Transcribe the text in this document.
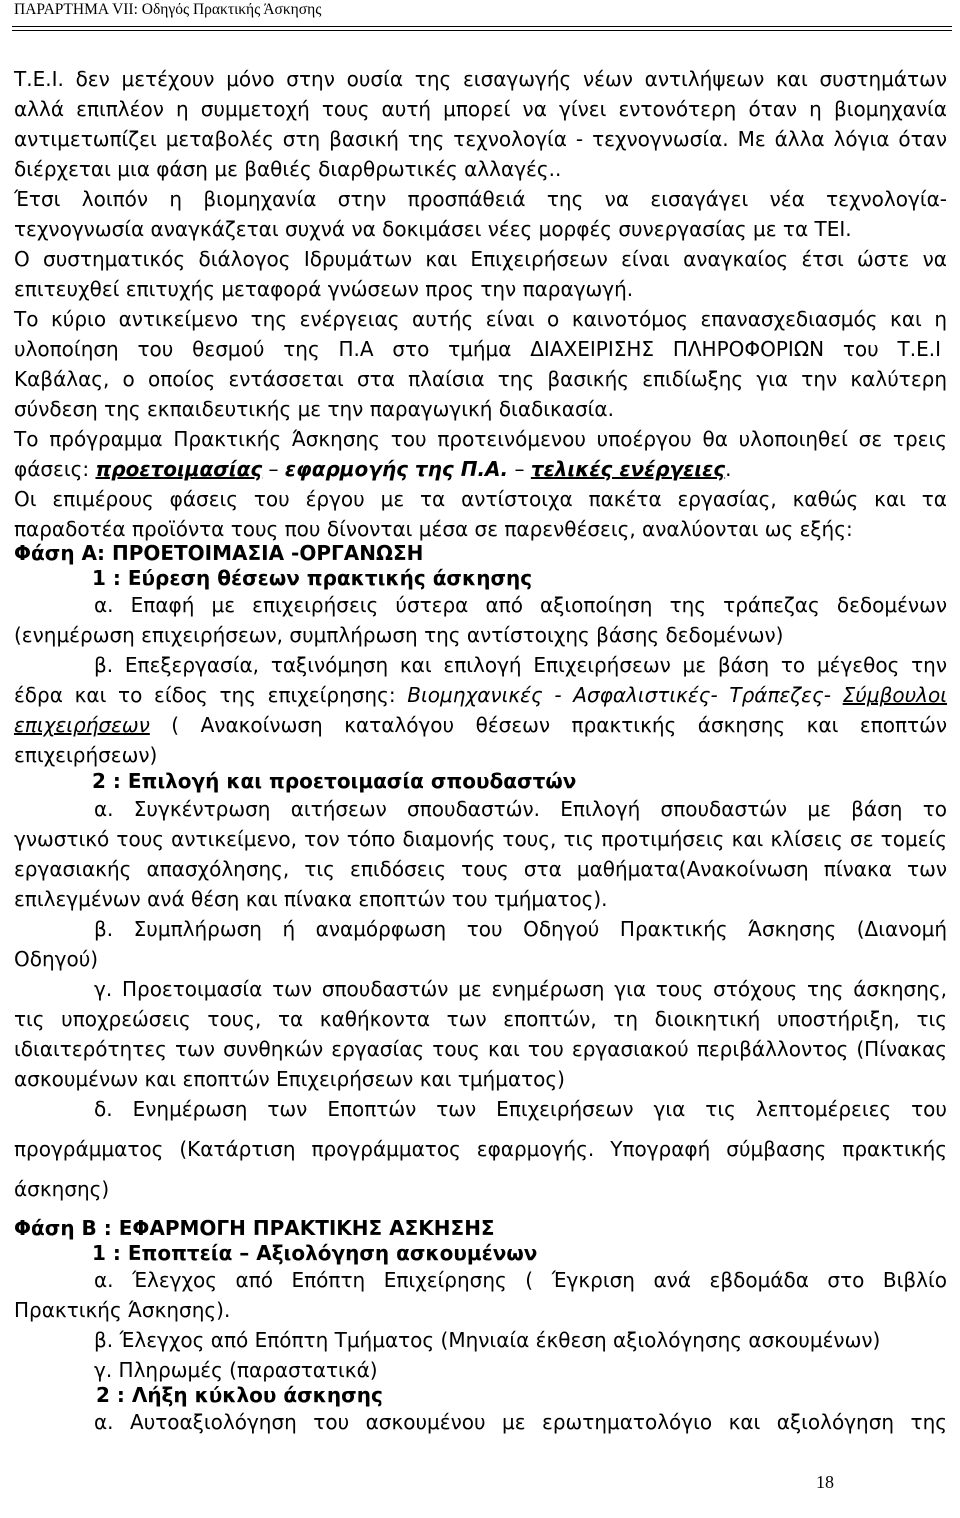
ΠΑΡΑΡΤΗΜΑ VII: Οδηγός Πρακτικής Άσκησης
Τ.Ε.Ι. δεν μετέχουν μόνο στην ουσία της εισαγωγής νέων αντιλήψεων και συστημάτων
αλλά επιπλέον η συμμετοχή τους αυτή μπορεί να γίνει εντονότερη όταν η βιομηχανία
αντιμετωπίζει μεταβολές στη βασική της τεχνολογία - τεχνογνωσία. Με άλλα λόγια όταν
διέρχεται μια φάση με βαθιές διαρθρωτικές αλλαγές..
Έτσι λοιπόν η βιομηχανία στην προσπάθειά της να εισαγάγει νέα τεχνολογία-
τεχνογνωσία αναγκάζεται συχνά να δοκιμάσει νέες μορφές συνεργασίας με τα ΤΕΙ.
Ο συστηματικός διάλογος Ιδρυμάτων και Επιχειρήσεων είναι αναγκαίος έτσι ώστε να
επιτευχθεί επιτυχής μεταφορά γνώσεων προς την παραγωγή.
Το κύριο αντικείμενο της ενέργειας αυτής είναι ο καινοτόμος επανασχεδιασμός και η
υλοποίηση του θεσμού της Π.Α στο τμήμα ΔΙΑΧΕΙΡΙΣΗΣ ΠΛΗΡΟΦΟΡΙΩΝ του Τ.Ε.Ι
Καβάλας, ο οποίος εντάσσεται στα πλαίσια της βασικής επιδίωξης για την καλύτερη
σύνδεση της εκπαιδευτικής με την παραγωγική διαδικασία.
Το πρόγραμμα Πρακτικής Άσκησης του προτεινόμενου υποέργου θα υλοποιηθεί σε τρεις
φάσεις: προετοιμασίας – εφαρμογής της Π.Α. – τελικές ενέργειες.
Οι επιμέρους φάσεις του έργου με τα αντίστοιχα πακέτα εργασίας, καθώς και τα
παραδοτέα προϊόντα τους που δίνονται μέσα σε παρενθέσεις, αναλύονται ως εξής:
Φάση Α: ΠΡΟΕΤΟΙΜΑΣΙΑ -ΟΡΓΑΝΩΣΗ
1 : Εύρεση θέσεων πρακτικής άσκησης
α. Επαφή με επιχειρήσεις ύστερα από αξιοποίηση της τράπεζας δεδομένων
(ενημέρωση επιχειρήσεων, συμπλήρωση της αντίστοιχης βάσης δεδομένων)
β. Επεξεργασία, ταξινόμηση και επιλογή Επιχειρήσεων με βάση το μέγεθος την
έδρα και το είδος της επιχείρησης: Βιομηχανικές - Ασφαλιστικές- Τράπεζες- Σύμβουλοι
επιχειρήσεων ( Ανακοίνωση καταλόγου θέσεων πρακτικής άσκησης και εποπτών
επιχειρήσεων)
2 : Επιλογή και προετοιμασία σπουδαστών
α. Συγκέντρωση αιτήσεων σπουδαστών. Επιλογή σπουδαστών με βάση το
γνωστικό τους αντικείμενο, τον τόπο διαμονής τους, τις προτιμήσεις και κλίσεις σε τομείς
εργασιακής απασχόλησης, τις επιδόσεις τους στα μαθήματα(Ανακοίνωση πίνακα των
επιλεγμένων ανά θέση και πίνακα εποπτών του τμήματος).
β. Συμπλήρωση ή αναμόρφωση του Οδηγού Πρακτικής Άσκησης (Διανομή
Οδηγού)
γ. Προετοιμασία των σπουδαστών με ενημέρωση για τους στόχους της άσκησης,
τις υποχρεώσεις τους, τα καθήκοντα των εποπτών, τη διοικητική υποστήριξη, τις
ιδιαιτερότητες των συνθηκών εργασίας τους και του εργασιακού περιβάλλοντος (Πίνακας
ασκουμένων και εποπτών Επιχειρήσεων και τμήματος)
δ. Ενημέρωση των Εποπτών των Επιχειρήσεων για τις λεπτομέρειες του
προγράμματος (Κατάρτιση προγράμματος εφαρμογής. Υπογραφή σύμβασης πρακτικής
άσκησης)
Φάση Β : ΕΦΑΡΜΟΓΗ ΠΡΑΚΤΙΚΗΣ ΑΣΚΗΣΗΣ
1 : Εποπτεία – Αξιολόγηση ασκουμένων
α. Έλεγχος από Επόπτη Επιχείρησης ( Έγκριση ανά εβδομάδα στο Βιβλίο
Πρακτικής Άσκησης).
β. Έλεγχος από Επόπτη Τμήματος (Μηνιαία έκθεση αξιολόγησης ασκουμένων)
γ. Πληρωμές (παραστατικά)
2 : Λήξη κύκλου άσκησης
α. Αυτοαξιολόγηση του ασκουμένου με ερωτηματολόγιο και αξιολόγηση της
18
